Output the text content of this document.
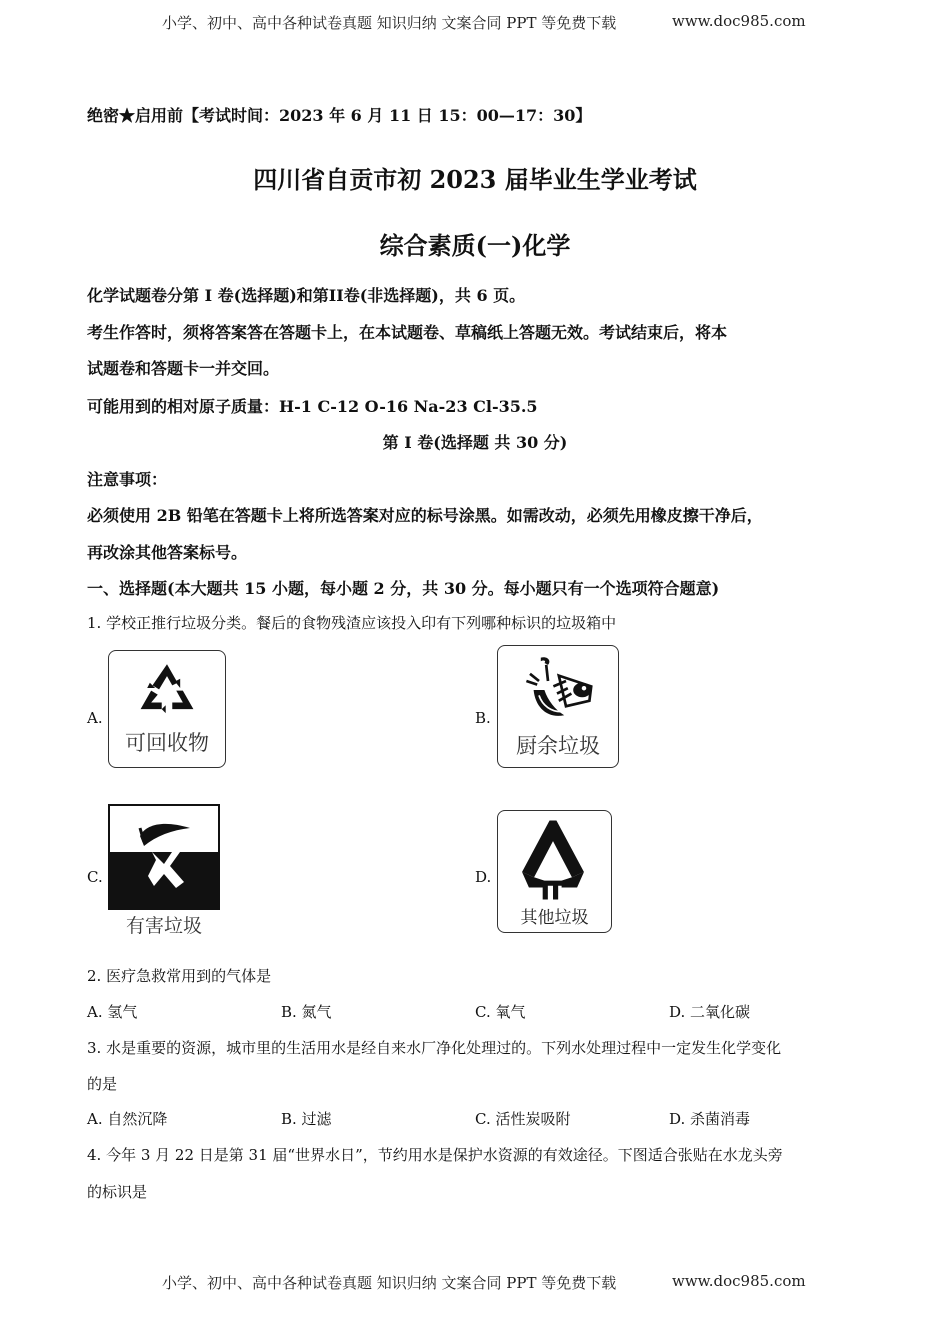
小学、初中、高中各种试卷真题 知识归纳 文案合同 PPT 等免费下载	www.doc985.com
绝密★启用前【考试时间：2023 年 6 月 11 日 15：00—17：30】
四川省自贡市初 2023 届毕业生学业考试
综合素质(一)化学
化学试题卷分第 I 卷(选择题)和第II卷(非选择题)，共 6 页。
考生作答时，须将答案答在答题卡上，在本试题卷、草稿纸上答题无效。考试结束后，将本
试题卷和答题卡一并交回。
可能用到的相对原子质量：H-1 C-12 O-16 Na-23 Cl-35.5
第 I 卷(选择题 共 30 分)
注意事项：
必须使用 2B 铅笔在答题卡上将所选答案对应的标号涂黑。如需改动，必须先用橡皮擦干净后，
再改涂其他答案标号。
一、选择题(本大题共 15 小题，每小题 2 分，共 30 分。每小题只有一个选项符合题意)
1. 学校正推行垃圾分类。餐后的食物残渣应该投入印有下列哪种标识的垃圾箱中
A.
可回收物
B.
厨余垃圾
C.
有害垃圾
D.
其他垃圾
2. 医疗急救常用到的气体是
A. 氢气	B. 氮气	C. 氧气	D. 二氧化碳
3. 水是重要的资源，城市里的生活用水是经自来水厂净化处理过的。下列水处理过程中一定发生化学变化
的是
A. 自然沉降	B. 过滤	C. 活性炭吸附	D. 杀菌消毒
4. 今年 3 月 22 日是第 31 届“世界水日”，节约用水是保护水资源的有效途径。下图适合张贴在水龙头旁
的标识是
小学、初中、高中各种试卷真题 知识归纳 文案合同 PPT 等免费下载	www.doc985.com
